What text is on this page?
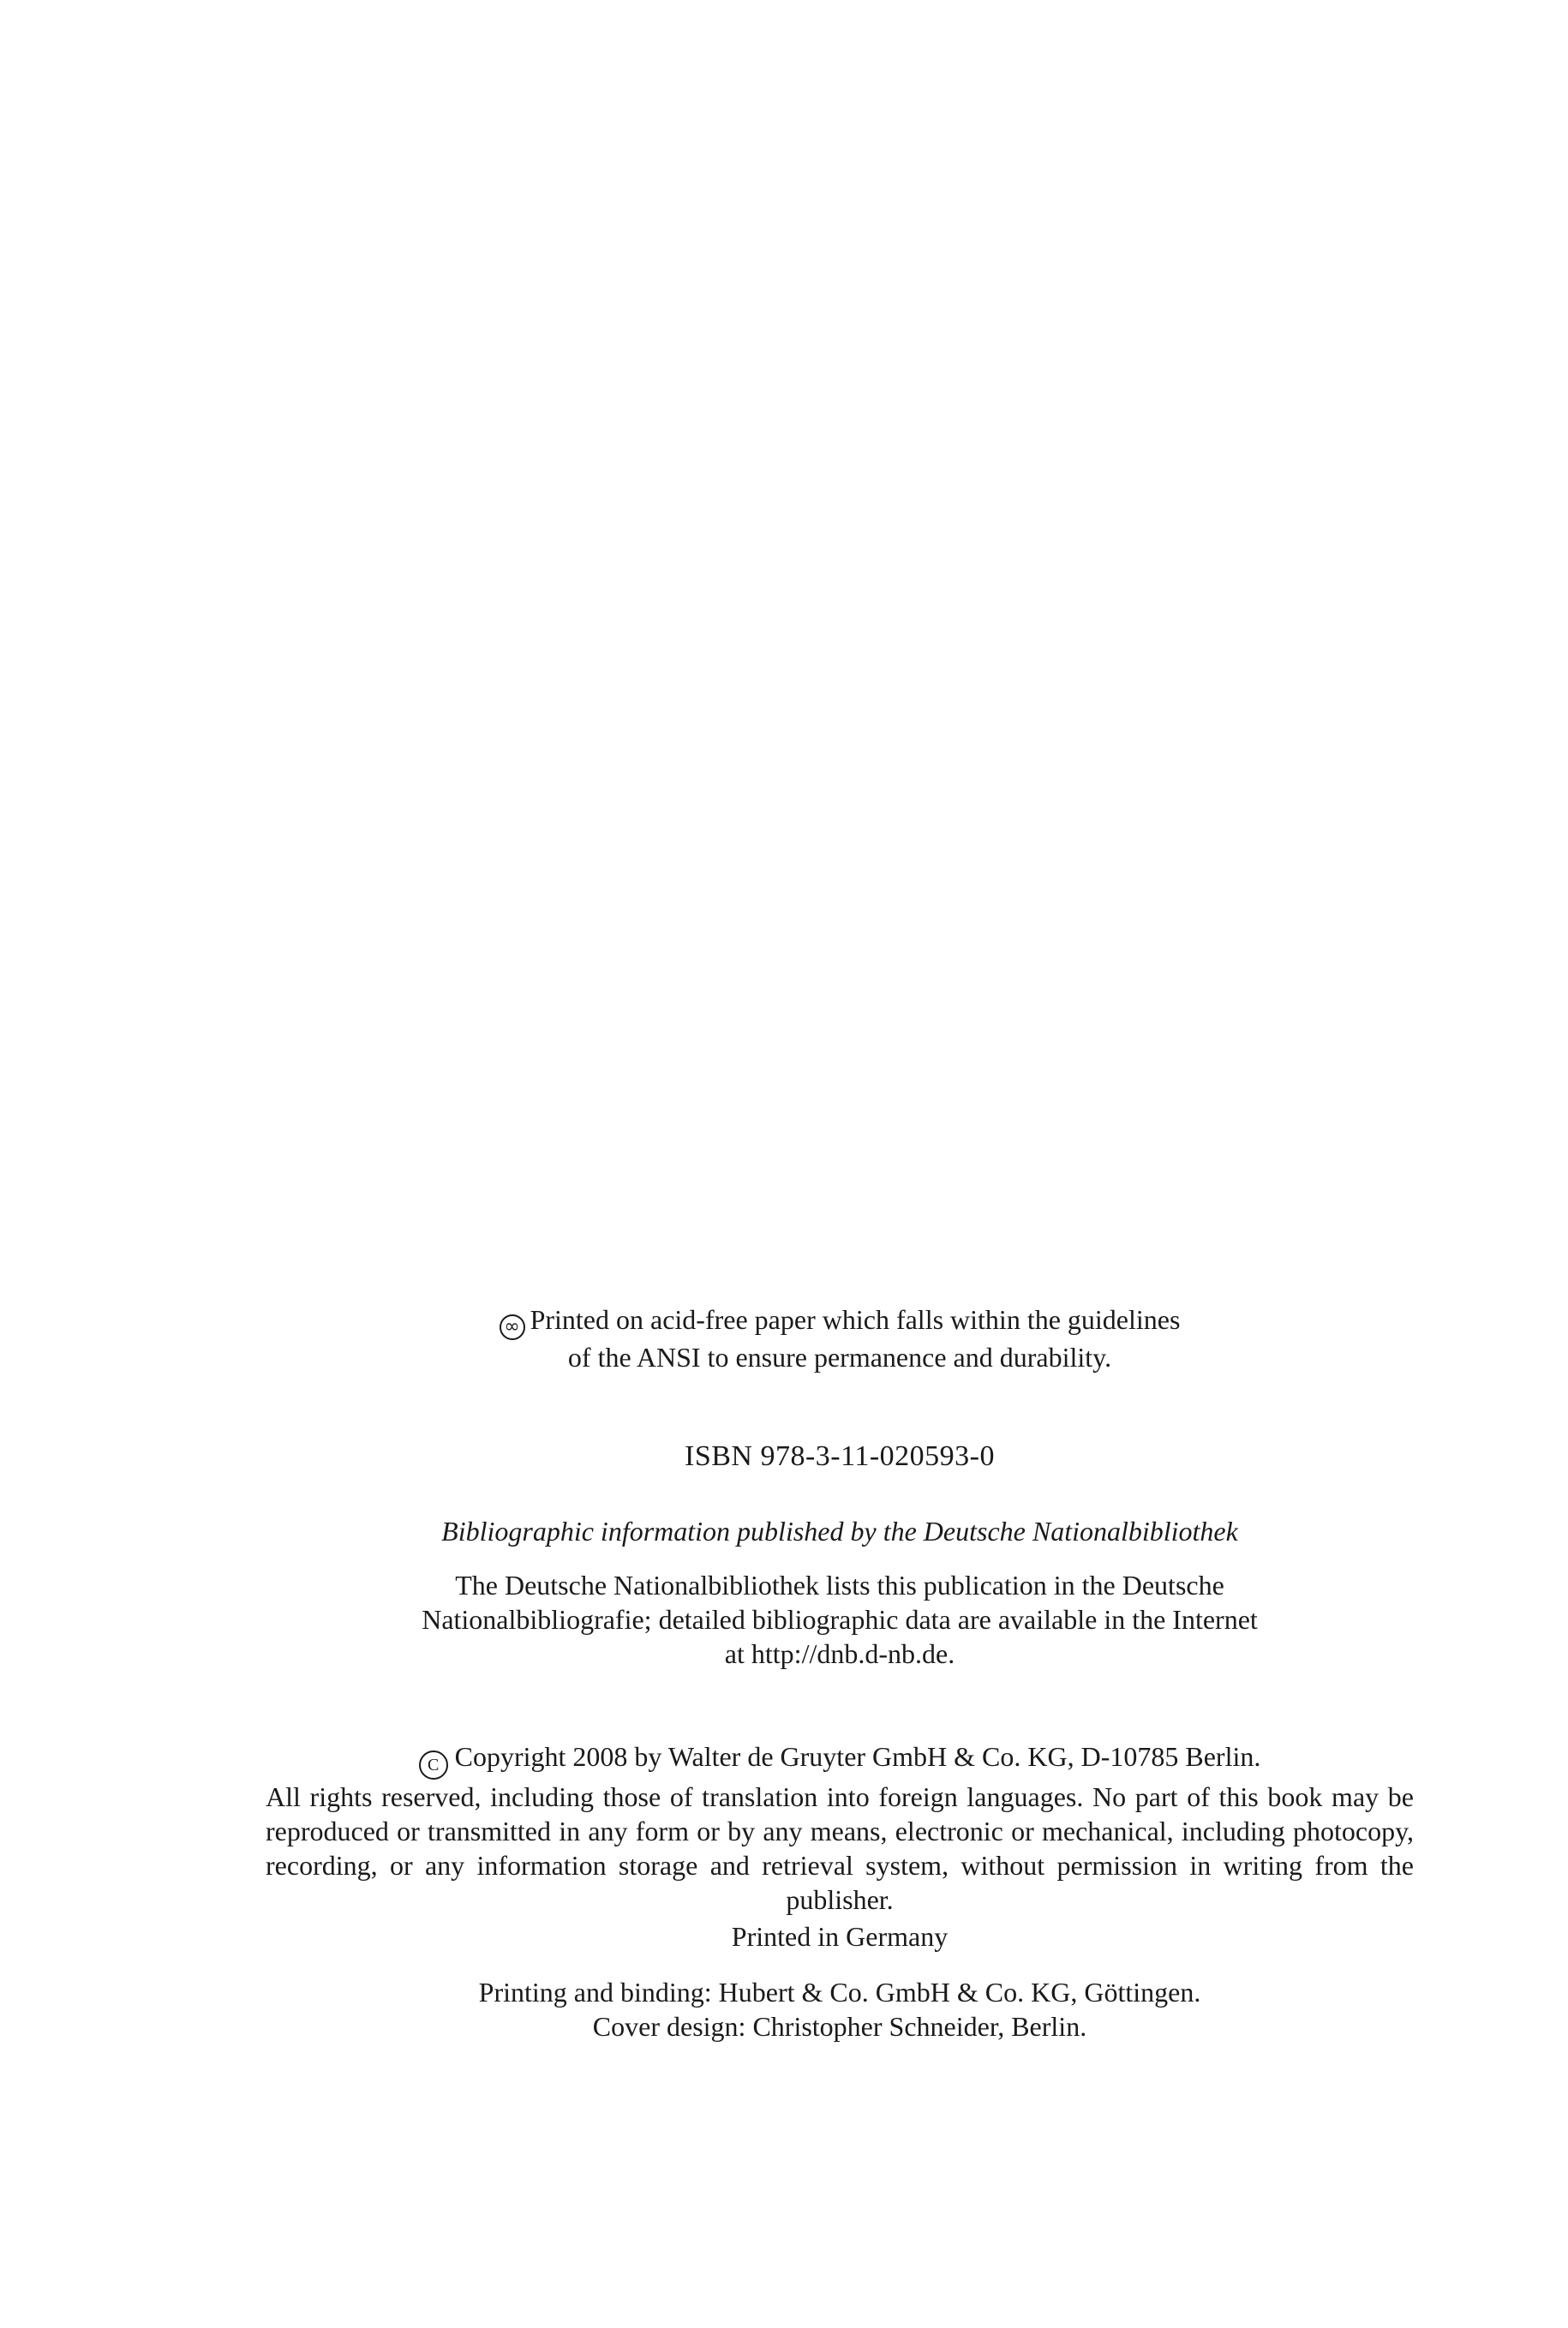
∞ Printed on acid-free paper which falls within the guidelines
of the ANSI to ensure permanence and durability.
ISBN 978-3-11-020593-0
Bibliographic information published by the Deutsche Nationalbibliothek
The Deutsche Nationalbibliothek lists this publication in the Deutsche
Nationalbibliografie; detailed bibliographic data are available in the Internet
at http://dnb.d-nb.de.
C Copyright 2008 by Walter de Gruyter GmbH & Co. KG, D-10785 Berlin.
All rights reserved, including those of translation into foreign languages. No part of this book may be reproduced or transmitted in any form or by any means, electronic or mechanical, including photocopy, recording, or any information storage and retrieval system, without permission in writing from the publisher.
Printed in Germany
Printing and binding: Hubert & Co. GmbH & Co. KG, Göttingen.
Cover design: Christopher Schneider, Berlin.
